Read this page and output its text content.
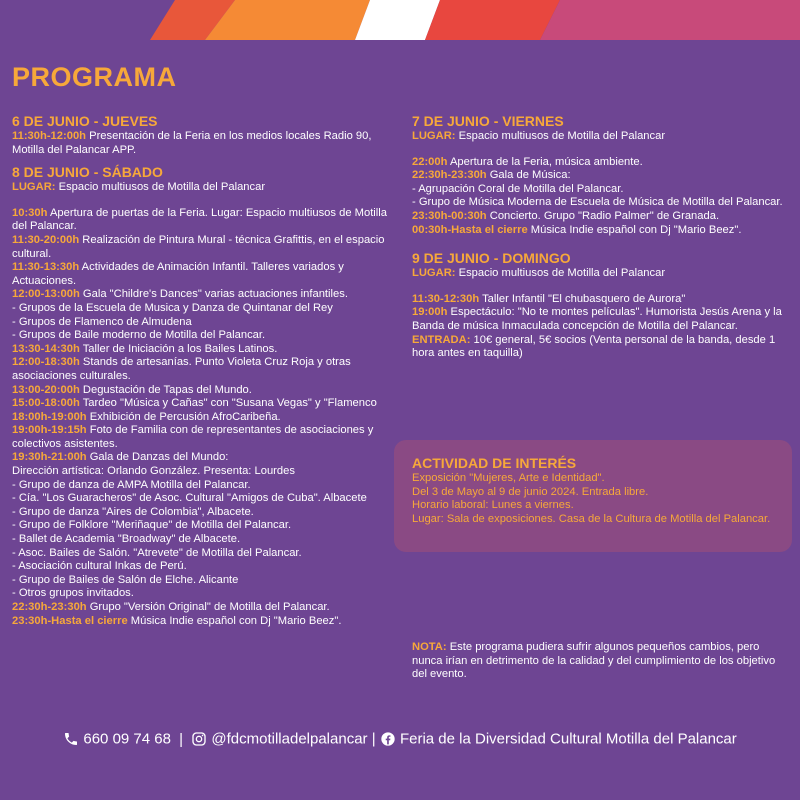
PROGRAMA
6 DE JUNIO - JUEVES
11:30h-12:00h Presentación de la Feria en los medios locales Radio 90, Motilla del Palancar APP.
8 DE JUNIO - SÁBADO
LUGAR: Espacio multiusos de Motilla del Palancar
10:30h Apertura de puertas de la Feria. Lugar: Espacio multiusos de Motilla del Palancar.
11:30-20:00h Realización de Pintura Mural - técnica Grafittis, en el espacio cultural.
11:30-13:30h Actividades de Animación Infantil. Talleres variados y Actuaciones.
12:00-13:00h Gala "Childre's Dances" varias actuaciones infantiles.
- Grupos de la Escuela de Musica y Danza de Quintanar del Rey
- Grupos de Flamenco de Almudena
- Grupos de Baile moderno de Motilla del Palancar.
13:30-14:30h Taller de Iniciación a los Bailes Latinos.
12:00-18:30h Stands de artesanías. Punto Violeta Cruz Roja y otras asociaciones culturales.
13:00-20:00h Degustación de Tapas del Mundo.
15:00-18:00h Tardeo "Música y Cañas" con "Susana Vegas" y "Flamenco
18:00h-19:00h Exhibición de Percusión AfroCaribeña.
19:00h-19:15h Foto de Familia con de representantes de asociaciones y colectivos asistentes.
19:30h-21:00h Gala de Danzas del Mundo:
Dirección artística: Orlando González. Presenta: Lourdes
- Grupo de danza de AMPA Motilla del Palancar.
- Cía. "Los Guaracheros" de Asoc. Cultural "Amigos de Cuba". Albacete
- Grupo de danza "Aires de Colombia", Albacete.
- Grupo de Folklore "Meriñaque" de Motilla del Palancar.
- Ballet de Academia "Broadway" de Albacete.
- Asoc. Bailes de Salón. "Atrevete" de Motilla del Palancar.
- Asociación cultural Inkas de Perú.
- Grupo de Bailes de Salón de Elche. Alicante
- Otros grupos invitados.
22:30h-23:30h Grupo "Versión Original" de Motilla del Palancar.
23:30h-Hasta el cierre Música Indie español con Dj "Mario Beez".
7 DE JUNIO - VIERNES
LUGAR: Espacio multiusos de Motilla del Palancar
22:00h Apertura de la Feria, música ambiente.
22:30h-23:30h Gala de Música:
- Agrupación Coral de Motilla del Palancar.
- Grupo de Música Moderna de Escuela de Música de Motilla del Palancar.
23:30h-00:30h Concierto. Grupo "Radio Palmer" de Granada.
00:30h-Hasta el cierre Música Indie español con Dj "Mario Beez".
9 DE JUNIO - DOMINGO
LUGAR: Espacio multiusos de Motilla del Palancar
11:30-12:30h Taller Infantil "El chubasquero de Aurora"
19:00h Espectáculo: "No te montes películas". Humorista Jesús Arena y la Banda de música Inmaculada concepción de Motilla del Palancar.
ENTRADA: 10€ general, 5€ socios (Venta personal de la banda, desde 1 hora antes en taquilla)
ACTIVIDAD DE INTERÉS
Exposición "Mujeres, Arte e Identidad".
Del 3 de Mayo al 9 de junio 2024. Entrada libre.
Horario laboral: Lunes a viernes.
Lugar: Sala de exposiciones. Casa de la Cultura de Motilla del Palancar.
NOTA: Este programa pudiera sufrir algunos pequeños cambios, pero nunca irían en detrimento de la calidad y del cumplimiento de los objetivo del evento.
660 09 74 68 | @fdcmotilladelpalancar | Feria de la Diversidad Cultural Motilla del Palancar
